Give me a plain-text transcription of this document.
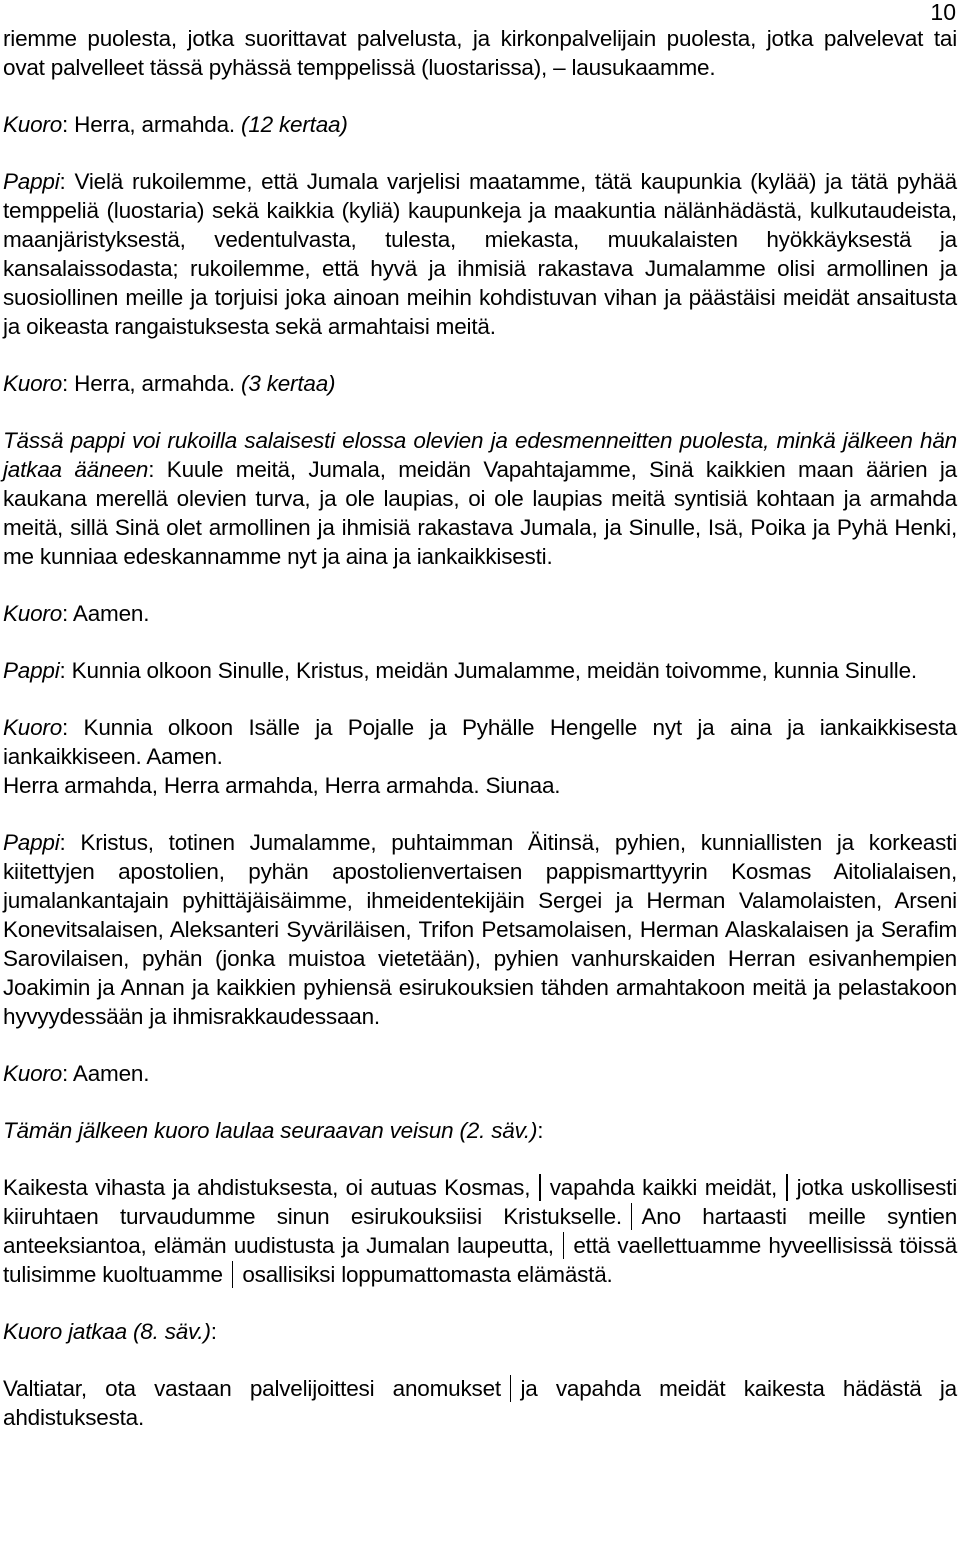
10

riemme puolesta, jotka suorittavat palvelusta, ja kirkonpalvelijain puolesta, jotka palvelevat tai ovat palvelleet tässä pyhässä temppelissä (luostarissa), – lausukaamme.

Kuoro: Herra, armahda. (12 kertaa)

Pappi: Vielä rukoilemme, että Jumala varjelisi maatamme, tätä kaupunkia (kylää) ja tätä pyhää temppeliä (luostaria) sekä kaikkia (kyliä) kaupunkeja ja maakuntia nälänhädästä, kulkutaudeista, maanjäristyksestä, vedentulvasta, tulesta, miekasta, muukalaisten hyökkäyksestä ja kansalaissodasta; rukoilemme, että hyvä ja ihmisiä rakastava Jumalamme olisi armollinen ja suosiollinen meille ja torjuisi joka ainoan meihin kohdistuvan vihan ja päästäisi meidät ansaitusta ja oikeasta rangaistuksesta sekä armahtaisi meitä.

Kuoro: Herra, armahda. (3 kertaa)

Tässä pappi voi rukoilla salaisesti elossa olevien ja edesmenneitten puolesta, minkä jälkeen hän jatkaa ääneen: Kuule meitä, Jumala, meidän Vapahtajamme, Sinä kaikkien maan äärien ja kaukana merellä olevien turva, ja ole laupias, oi ole laupias meitä syntisiä kohtaan ja armahda meitä, sillä Sinä olet armollinen ja ihmisiä rakastava Jumala, ja Sinulle, Isä, Poika ja Pyhä Henki, me kunniaa edeskannamme nyt ja aina ja iankaikkisesti.

Kuoro: Aamen.

Pappi: Kunnia olkoon Sinulle, Kristus, meidän Jumalamme, meidän toivomme, kunnia Sinulle.

Kuoro: Kunnia olkoon Isälle ja Pojalle ja Pyhälle Hengelle nyt ja aina ja iankaikkisesta iankaikkiseen. Aamen.
Herra armahda, Herra armahda, Herra armahda. Siunaa.

Pappi: Kristus, totinen Jumalamme, puhtaimman Äitinsä, pyhien, kunniallisten ja korkeasti kiitettyjen apostolien, pyhän apostolienvertaisen pappismarttyyrin Kosmas Aitolialaisen, jumalankantajain pyhittäjäisäimme, ihmeidentekijäin Sergei ja Herman Valamolaisten, Arseni Konevitsalaisen, Aleksanteri Syväriläisen, Trifon Petsamolaisen, Herman Alaskalaisen ja Serafim Sarovilaisen, pyhän (jonka muistoa vietetään), pyhien vanhurskaiden Herran esivanhempien Joakimin ja Annan ja kaikkien pyhiensä esirukouksien tähden armahtakoon meitä ja pelastakoon hyvyydessään ja ihmisrakkaudessaan.

Kuoro: Aamen.

Tämän jälkeen kuoro laulaa seuraavan veisun (2. säv.):

Kaikesta vihasta ja ahdistuksesta, oi autuas Kosmas, vapahda kaikki meidät, jotka uskollisesti kiiruhtaen turvaudumme sinun esirukouksiisi Kristukselle. Ano hartaasti meille syntien anteeksiantoa, elämän uudistusta ja Jumalan laupeutta, että vaellettuamme hyveellisissä töissä tulisimme kuoltuamme osallisiksi loppumattomasta elämästä.

Kuoro jatkaa (8. säv.):

Valtiatar, ota vastaan palvelijoittesi anomukset ja vapahda meidät kaikesta hädästä ja ahdistuksesta.
